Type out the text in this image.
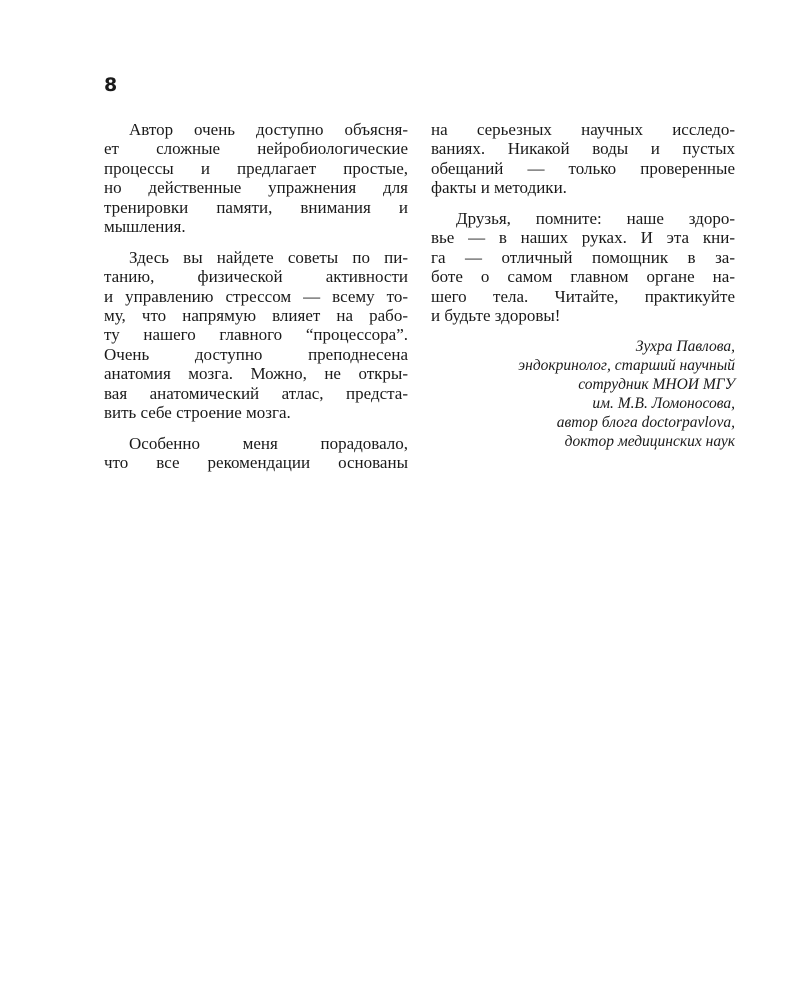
8

Автор очень доступно объясня-
ет сложные нейробиологические
процессы и предлагает простые,
но действенные упражнения для
тренировки памяти, внимания и
мышления.

Здесь вы найдете советы по пи-
танию, физической активности
и управлению стрессом — всему то-
му, что напрямую влияет на рабо-
ту нашего главного “процессора”.
Очень доступно преподнесена
анатомия мозга. Можно, не откры-
вая анатомический атлас, предста-
вить себе строение мозга.

Особенно меня порадовало,
что все рекомендации основаны

на серьезных научных исследо-
ваниях. Никакой воды и пустых
обещаний — только проверенные
факты и методики.

Друзья, помните: наше здоро-
вье — в наших руках. И эта кни-
га — отличный помощник в за-
боте о самом главном органе на-
шего тела. Читайте, практикуйте
и будьте здоровы!

Зухра Павлова,
эндокринолог, старший научный
сотрудник МНОИ МГУ
им. М.В. Ломоносова,
автор блога doctorpavlova,
доктор медицинских наук
